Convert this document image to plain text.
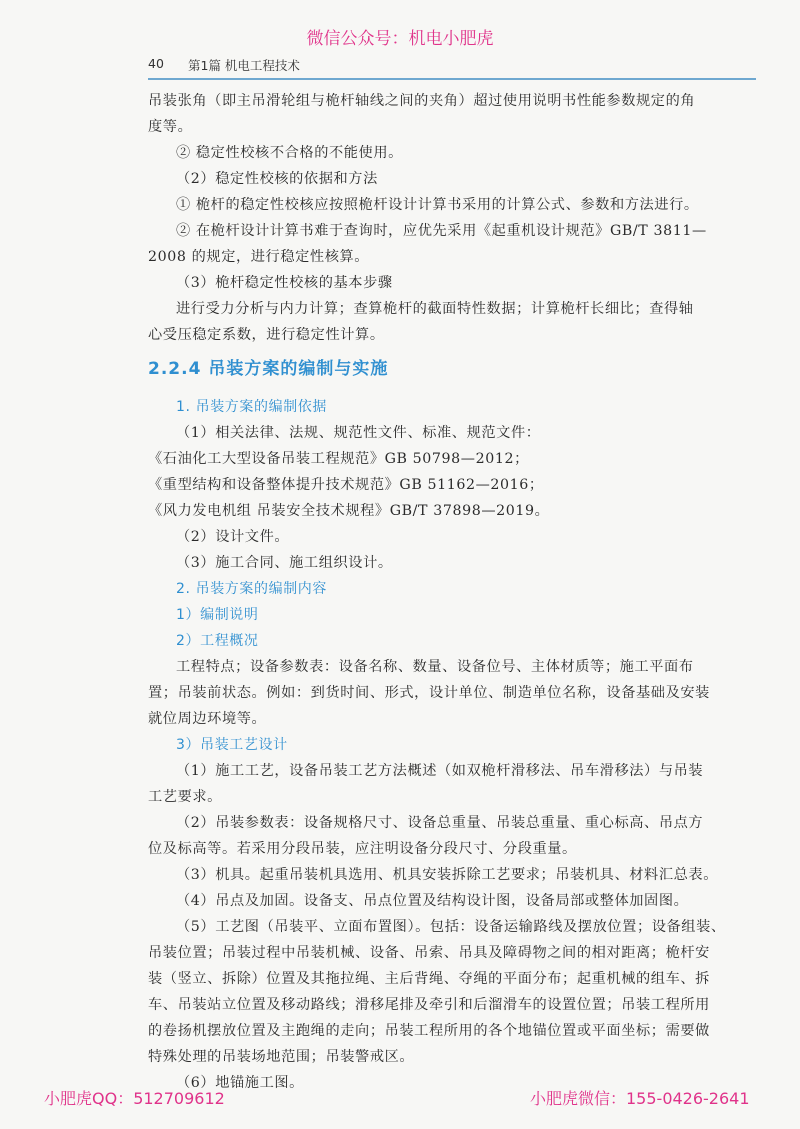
微信公众号：机电小肥虎
40 第1篇 机电工程技术
吊装张角（即主吊滑轮组与桅杆轴线之间的夹角）超过使用说明书性能参数规定的角
度等。
② 稳定性校核不合格的不能使用。
（2）稳定性校核的依据和方法
① 桅杆的稳定性校核应按照桅杆设计计算书采用的计算公式、参数和方法进行。
② 在桅杆设计计算书难于查询时，应优先采用《起重机设计规范》GB/T 3811—
2008 的规定，进行稳定性核算。
（3）桅杆稳定性校核的基本步骤
进行受力分析与内力计算；查算桅杆的截面特性数据；计算桅杆长细比；查得轴
心受压稳定系数，进行稳定性计算。
2.2.4 吊装方案的编制与实施
1. 吊装方案的编制依据
（1）相关法律、法规、规范性文件、标准、规范文件：
《石油化工大型设备吊装工程规范》GB 50798—2012；
《重型结构和设备整体提升技术规范》GB 51162—2016；
《风力发电机组 吊装安全技术规程》GB/T 37898—2019。
（2）设计文件。
（3）施工合同、施工组织设计。
2. 吊装方案的编制内容
1）编制说明
2）工程概况
工程特点；设备参数表：设备名称、数量、设备位号、主体材质等；施工平面布
置；吊装前状态。例如：到货时间、形式，设计单位、制造单位名称，设备基础及安装
就位周边环境等。
3）吊装工艺设计
（1）施工工艺，设备吊装工艺方法概述（如双桅杆滑移法、吊车滑移法）与吊装
工艺要求。
（2）吊装参数表：设备规格尺寸、设备总重量、吊装总重量、重心标高、吊点方
位及标高等。若采用分段吊装，应注明设备分段尺寸、分段重量。
（3）机具。起重吊装机具选用、机具安装拆除工艺要求；吊装机具、材料汇总表。
（4）吊点及加固。设备支、吊点位置及结构设计图，设备局部或整体加固图。
（5）工艺图（吊装平、立面布置图）。包括：设备运输路线及摆放位置；设备组装、
吊装位置；吊装过程中吊装机械、设备、吊索、吊具及障碍物之间的相对距离；桅杆安
装（竖立、拆除）位置及其拖拉绳、主后背绳、夺绳的平面分布；起重机械的组车、拆
车、吊装站立位置及移动路线；滑移尾排及牵引和后溜滑车的设置位置；吊装工程所用
的卷扬机摆放位置及主跑绳的走向；吊装工程所用的各个地锚位置或平面坐标；需要做
特殊处理的吊装场地范围；吊装警戒区。
（6）地锚施工图。
小肥虎QQ：512709612	小肥虎微信：155-0426-2641
